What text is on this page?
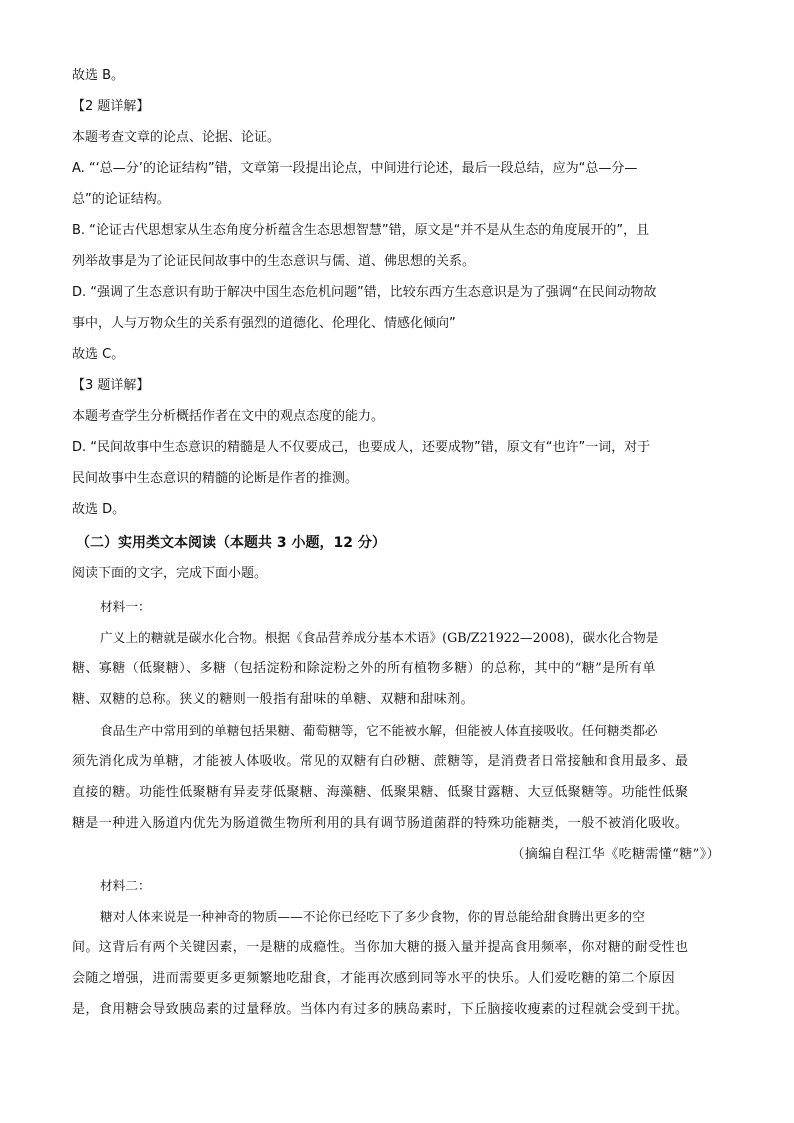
故选 B。
【2 题详解】
本题考查文章的论点、论据、论证。
A. “‘总—分’的论证结构”错，文章第一段提出论点，中间进行论述，最后一段总结，应为“总—分—
总”的论证结构。
B. “论证古代思想家从生态角度分析蕴含生态思想智慧”错，原文是“并不是从生态的角度展开的”，且
列举故事是为了论证民间故事中的生态意识与儒、道、佛思想的关系。
D. “强调了生态意识有助于解决中国生态危机问题”错，比较东西方生态意识是为了强调“在民间动物故
事中，人与万物众生的关系有强烈的道德化、伦理化、情感化倾向”
故选 C。
【3 题详解】
本题考查学生分析概括作者在文中的观点态度的能力。
D. “民间故事中生态意识的精髓是人不仅要成己，也要成人，还要成物”错，原文有“也许”一词，对于
民间故事中生态意识的精髓的论断是作者的推测。
故选 D。
（二）实用类文本阅读（本题共 3 小题，12 分）
阅读下面的文字，完成下面小题。
材料一：
广义上的糖就是碳水化合物。根据《食品营养成分基本术语》(GB/Z21922—2008)，碳水化合物是
糖、寡糖（低聚糖）、多糖（包括淀粉和除淀粉之外的所有植物多糖）的总称，其中的“糖”是所有单
糖、双糖的总称。狭义的糖则一般指有甜味的单糖、双糖和甜味剂。
食品生产中常用到的单糖包括果糖、葡萄糖等，它不能被水解，但能被人体直接吸收。任何糖类都必
须先消化成为单糖，才能被人体吸收。常见的双糖有白砂糖、蔗糖等，是消费者日常接触和食用最多、最
直接的糖。功能性低聚糖有异麦芽低聚糖、海藻糖、低聚果糖、低聚甘露糖、大豆低聚糖等。功能性低聚
糖是一种进入肠道内优先为肠道微生物所利用的具有调节肠道菌群的特殊功能糖类，一般不被消化吸收。
（摘编自程江华《吃糖需懂“糖”》）
材料二：
糖对人体来说是一种神奇的物质——不论你已经吃下了多少食物，你的胃总能给甜食腾出更多的空
间。这背后有两个关键因素，一是糖的成瘾性。当你加大糖的摄入量并提高食用频率，你对糖的耐受性也
会随之增强，进而需要更多更频繁地吃甜食，才能再次感到同等水平的快乐。人们爱吃糖的第二个原因
是，食用糖会导致胰岛素的过量释放。当体内有过多的胰岛素时，下丘脑接收瘦素的过程就会受到干扰。
